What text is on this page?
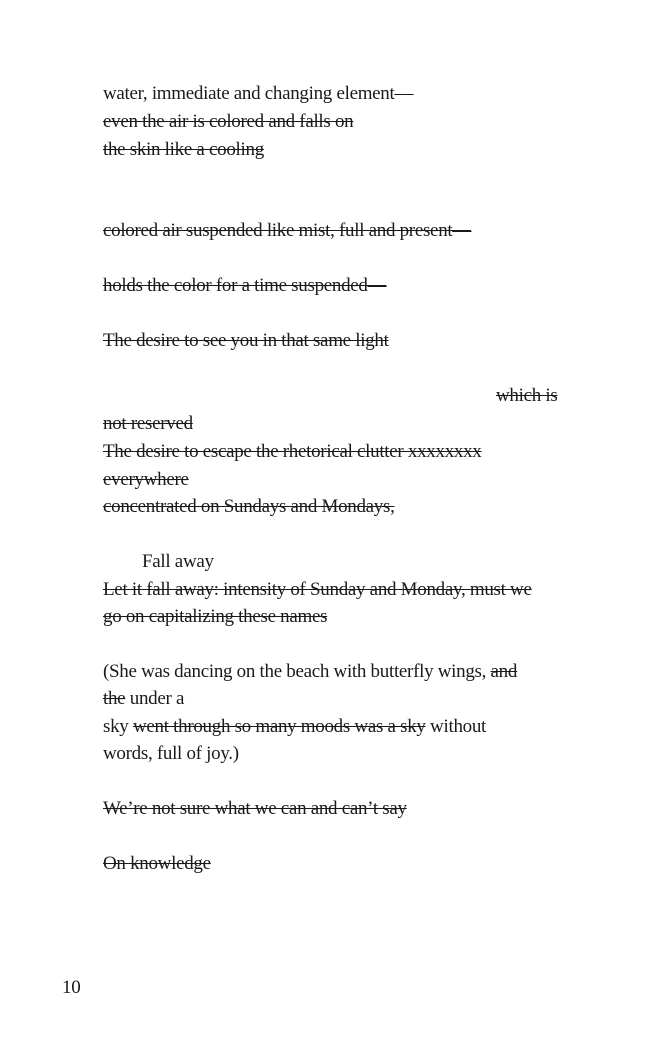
water, immediate and changing element—
even the air is colored and falls on
the skin like a cooling
colored air suspended like mist, full and present—
holds the color for a time suspended—
The desire to see you in that same light
which is
not reserved
The desire to escape the rhetorical clutter xxxxxxxx
everywhere
concentrated on Sundays and Mondays,
Fall away
Let it fall away: intensity of Sunday and Monday, must we
go on capitalizing these names
(She was dancing on the beach with butterfly wings, and
the under a
sky went through so many moods was a sky without
words, full of joy.)
We’re not sure what we can and can’t say
On knowledge
10
